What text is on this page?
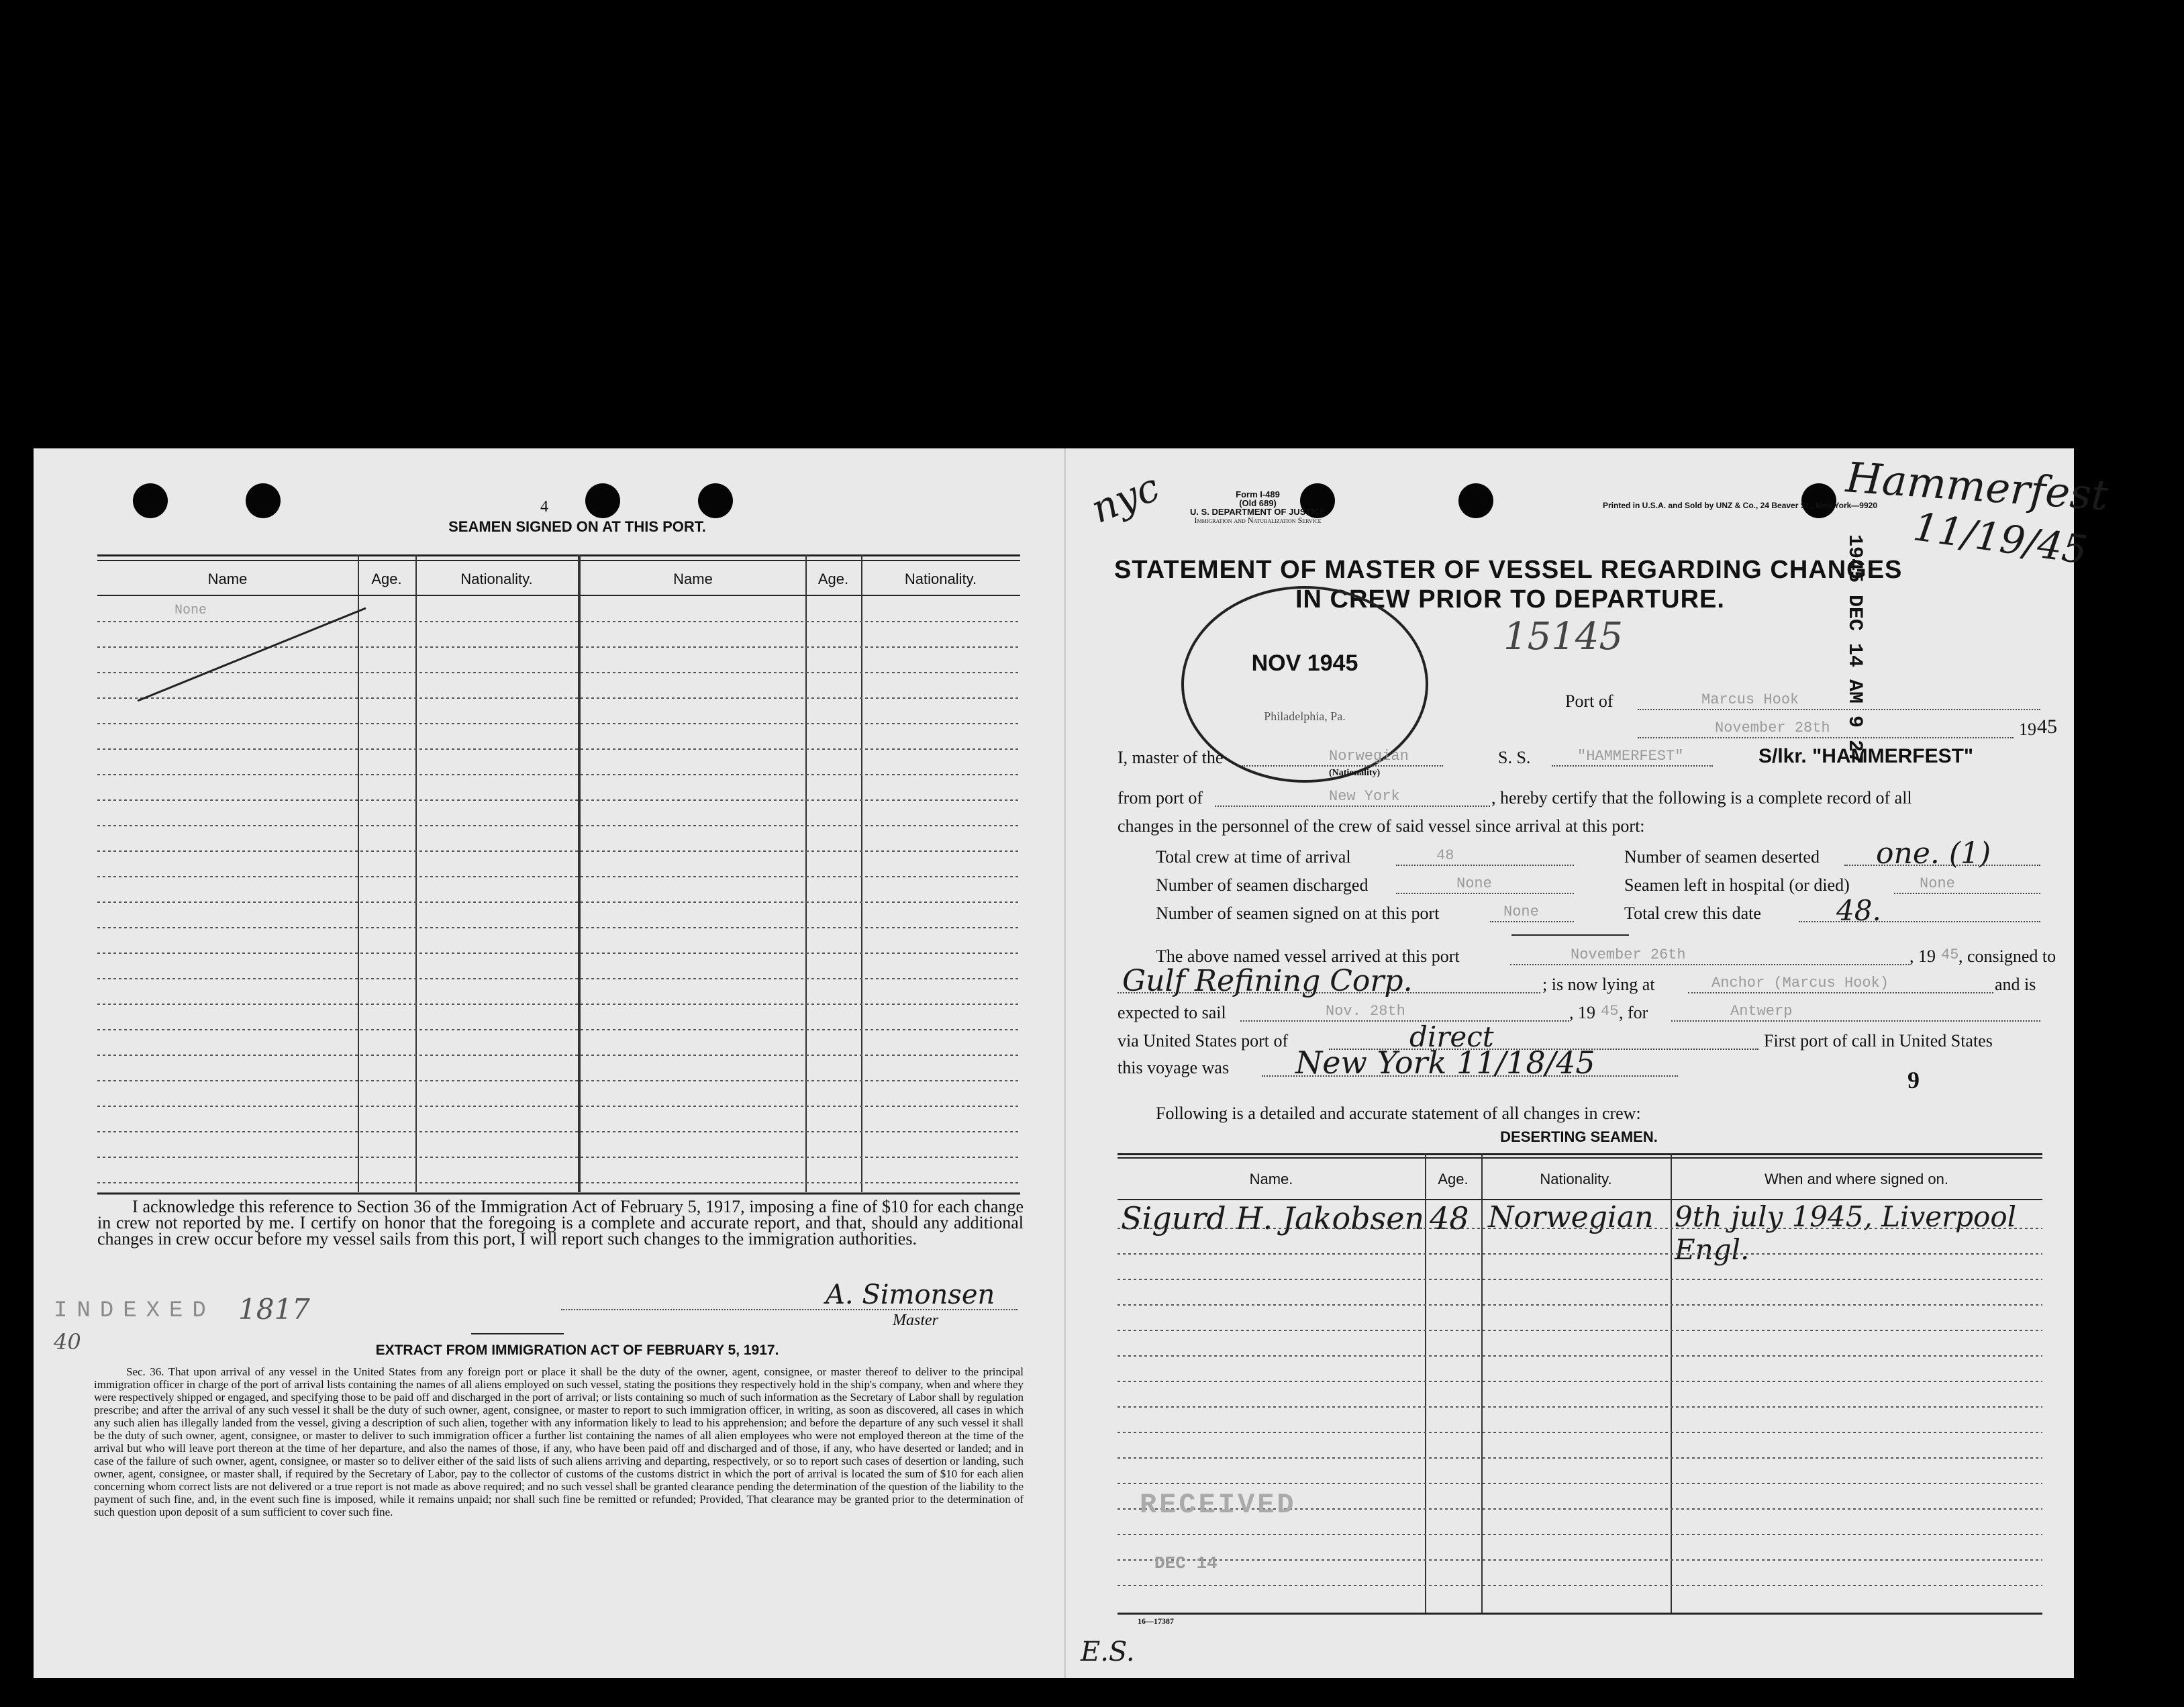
4
SEAMEN SIGNED ON AT THIS PORT.
Name	Age.	Nationality.	Name	Age.	Nationality.
None
I acknowledge this reference to Section 36 of the Immigration Act of February 5, 1917, imposing a fine of $10 for each change in crew not reported by me. I certify on honor that the foregoing is a complete and accurate report, and that, should any additional changes in crew occur before my vessel sails from this port, I will report such changes to the immigration authorities.
A. Simonsen
Master
INDEXED 1817
40	EXTRACT FROM IMMIGRATION ACT OF FEBRUARY 5, 1917.
Sec. 36. That upon arrival of any vessel in the United States from any foreign port or place it shall be the duty of the owner, agent, consignee, or master thereof to deliver to the principal immigration officer in charge of the port of arrival lists containing the names of all aliens employed on such vessel, stating the positions they respectively hold in the ship's company, when and where they were respectively shipped or engaged, and specifying those to be paid off and discharged in the port of arrival; or lists containing so much of such information as the Secretary of Labor shall by regulation prescribe; and after the arrival of any such vessel it shall be the duty of such owner, agent, consignee, or master to report to such immigration officer, in writing, as soon as discovered, all cases in which any such alien has illegally landed from the vessel, giving a description of such alien, together with any information likely to lead to his apprehension; and before the departure of any such vessel it shall be the duty of such owner, agent, consignee, or master to deliver to such immigration officer a further list containing the names of all alien employees who were not employed thereon at the time of the arrival but who will leave port thereon at the time of her departure, and also the names of those, if any, who have been paid off and discharged and of those, if any, who have deserted or landed; and in case of the failure of such owner, agent, consignee, or master so to deliver either of the said lists of such aliens arriving and departing, respectively, or so to report such cases of desertion or landing, such owner, agent, consignee, or master shall, if required by the Secretary of Labor, pay to the collector of customs of the customs district in which the port of arrival is located the sum of $10 for each alien concerning whom correct lists are not delivered or a true report is not made as above required; and no such vessel shall be granted clearance pending the determination of the question of the liability to the payment of such fine, and, in the event such fine is imposed, while it remains unpaid; nor shall such fine be remitted or refunded; Provided, That clearance may be granted prior to the determination of such question upon deposit of a sum sufficient to cover such fine.
nyc	Form I-489
(Old 689)
U. S. DEPARTMENT OF JUSTICE
Immigration and Naturalization Service
Printed in U.S.A. and Sold by UNZ & Co., 24 Beaver St., New York—9920
Hammerfest
11/19/45
STATEMENT OF MASTER OF VESSEL REGARDING CHANGES
IN CREW PRIOR TO DEPARTURE.	1945 DEC 14 AM 9 27
NOV 1945
Philadelphia, Pa.
15145
Port of	Marcus Hook
November 28th	19 45
I, master of the	Norwegian
(Nationality)
S. S.	"HAMMERFEST"	S/lkr. "HAMMERFEST"
from port of	New York	, hereby certify that the following is a complete record of all
changes in the personnel of the crew of said vessel since arrival at this port:
Total crew at time of arrival	48	Number of seamen deserted one. (1)
Number of seamen discharged	None	Seamen left in hospital (or died)	None
Number of seamen signed on at this port	None	Total crew this date	48.
The above named vessel arrived at this port	November 26th	, 19 45 , consigned to
Gulf Refining Corp.	; is now lying at	Anchor (Marcus Hook)	and is
expected to sail	Nov. 28th	, 19 45 , for	Antwerp
via United States port of	direct	First port of call in United States
this voyage was New York 11/18/45	9
Following is a detailed and accurate statement of all changes in crew:
DESERTING SEAMEN.
Name.	Age.	Nationality.	When and where signed on.
Sigurd H. Jakobsen 48 Norwegian 9th july 1945, Liverpool Engl.
RECEIVED
DEC 14
16—17387
E.S.
